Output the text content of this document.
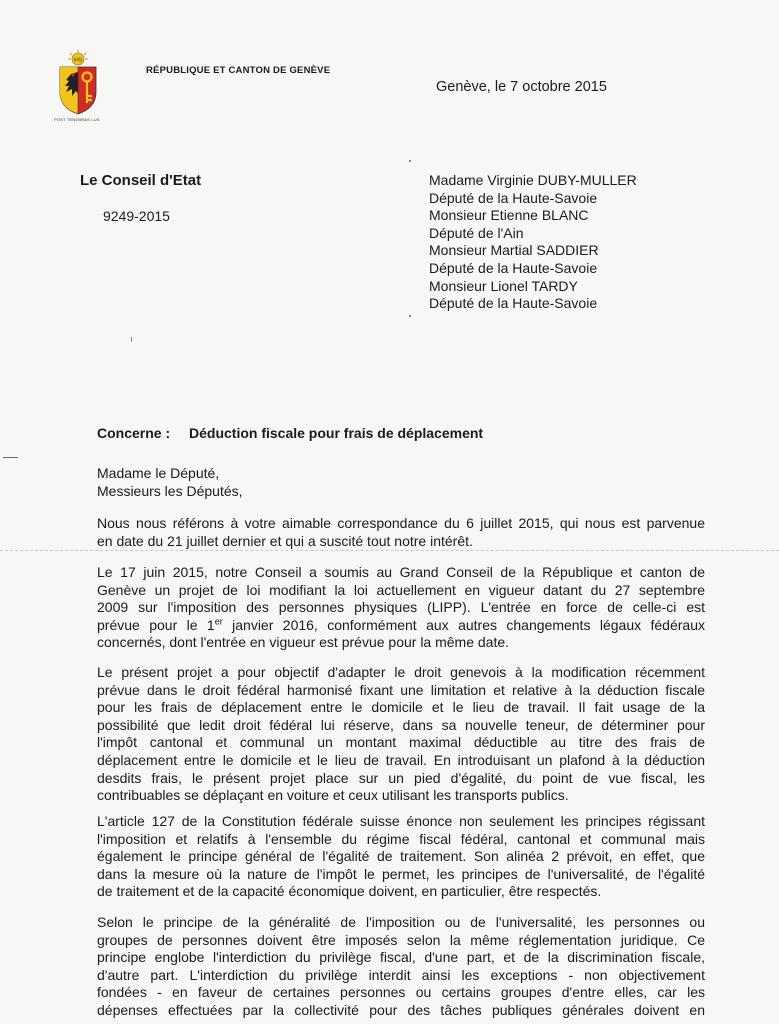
IHS
POST TENEBRAS LUX
RÉPUBLIQUE ET CANTON DE GENÈVE
Genève, le 7 octobre 2015
Le Conseil d'Etat
9249-2015
Madame Virginie DUBY-MULLER
Député de la Haute-Savoie
Monsieur Etienne BLANC
Député de l'Ain
Monsieur Martial SADDIER
Député de la Haute-Savoie
Monsieur Lionel TARDY
Député de la Haute-Savoie
Concerne : Déduction fiscale pour frais de déplacement
Madame le Député,
Messieurs les Députés,
Nous nous référons à votre aimable correspondance du 6 juillet 2015, qui nous est parvenue
en date du 21 juillet dernier et qui a suscité tout notre intérêt.
Le 17 juin 2015, notre Conseil a soumis au Grand Conseil de la République et canton de
Genève un projet de loi modifiant la loi actuellement en vigueur datant du 27 septembre
2009 sur l'imposition des personnes physiques (LIPP). L'entrée en force de celle-ci est
prévue pour le 1er janvier 2016, conformément aux autres changements légaux fédéraux
concernés, dont l'entrée en vigueur est prévue pour la même date.
Le présent projet a pour objectif d'adapter le droit genevois à la modification récemment
prévue dans le droit fédéral harmonisé fixant une limitation et relative à la déduction fiscale
pour les frais de déplacement entre le domicile et le lieu de travail. Il fait usage de la
possibilité que ledit droit fédéral lui réserve, dans sa nouvelle teneur, de déterminer pour
l'impôt cantonal et communal un montant maximal déductible au titre des frais de
déplacement entre le domicile et le lieu de travail. En introduisant un plafond à la déduction
desdits frais, le présent projet place sur un pied d'égalité, du point de vue fiscal, les
contribuables se déplaçant en voiture et ceux utilisant les transports publics.
L'article 127 de la Constitution fédérale suisse énonce non seulement les principes régissant
l'imposition et relatifs à l'ensemble du régime fiscal fédéral, cantonal et communal mais
également le principe général de l'égalité de traitement. Son alinéa 2 prévoit, en effet, que
dans la mesure où la nature de l'impôt le permet, les principes de l'universalité, de l'égalité
de traitement et de la capacité économique doivent, en particulier, être respectés.
Selon le principe de la généralité de l'imposition ou de l'universalité, les personnes ou
groupes de personnes doivent être imposés selon la même réglementation juridique. Ce
principe englobe l'interdiction du privilège fiscal, d'une part, et de la discrimination fiscale,
d'autre part. L'interdiction du privilège interdit ainsi les exceptions - non objectivement
fondées - en faveur de certaines personnes ou certains groupes d'entre elles, car les
dépenses effectuées par la collectivité pour des tâches publiques générales doivent en
